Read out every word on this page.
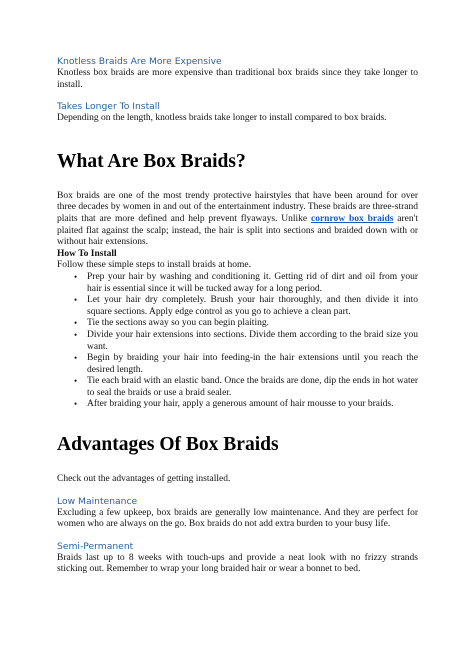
Knotless Braids Are More Expensive

Knotless box braids are more expensive than traditional box braids since they take longer to install.

Takes Longer To Install

Depending on the length, knotless braids take longer to install compared to box braids.

What Are Box Braids?

Box braids are one of the most trendy protective hairstyles that have been around for over three decades by women in and out of the entertainment industry. These braids are three-strand plaits that are more defined and help prevent flyaways. Unlike cornrow box braids aren't plaited flat against the scalp; instead, the hair is split into sections and braided down with or without hair extensions.

How To Install

Follow these simple steps to install braids at home.

• Prep your hair by washing and conditioning it. Getting rid of dirt and oil from your hair is essential since it will be tucked away for a long period.
• Let your hair dry completely. Brush your hair thoroughly, and then divide it into square sections. Apply edge control as you go to achieve a clean part.
• Tie the sections away so you can begin plaiting.
• Divide your hair extensions into sections. Divide them according to the braid size you want.
• Begin by braiding your hair into feeding-in the hair extensions until you reach the desired length.
• Tie each braid with an elastic band. Once the braids are done, dip the ends in hot water to seal the braids or use a braid sealer.
• After braiding your hair, apply a generous amount of hair mousse to your braids.
Advantages Of Box Braids

Check out the advantages of getting installed.

Low Maintenance

Excluding a few upkeep, box braids are generally low maintenance. And they are perfect for women who are always on the go. Box braids do not add extra burden to your busy life.

Semi-Permanent

Braids last up to 8 weeks with touch-ups and provide a neat look with no frizzy strands sticking out. Remember to wrap your long braided hair or wear a bonnet to bed.
